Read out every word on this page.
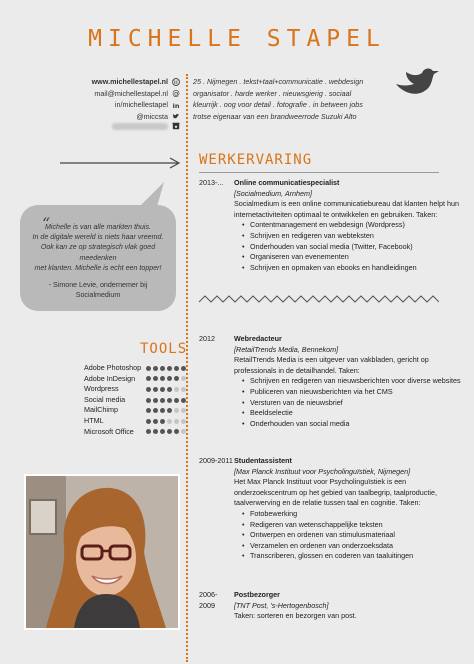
MICHELLE STAPEL
www.michellestapel.nl W
mail@michellestapel.nl @
in/michellestapel in
@miccsta
25 . Nijmegen . tekst+taal+communicatie . webdesign
organisator . harde werker . nieuwsgierig . sociaal
kleurrijk . oog voor detail . fotografie . in between jobs
trotse eigenaar van een brandweerrode Suzuki Alto
WERKERVARING
2013-...	Online communicatiespecialist
[Socialmedium, Arnhem]
Socialmedium is een online communicatiebureau dat klanten helpt hun internetactiviteiten optimaal te ontwikkelen en gebruiken. Taken:
• Contentmanagement en webdesign (Wordpress)
• Schrijven en redigeren van webteksten
• Onderhouden van social media (Twitter, Facebook)
• Organiseren van evenementen
• Schrijven en opmaken van ebooks en handleidingen
2012	Webredacteur
[RetailTrends Media, Bennekom]
RetailTrends Media is een uitgever van vakbladen, gericht op professionals in de detailhandel. Taken:
• Schrijven en redigeren van nieuwsberichten voor diverse websites
• Publiceren van nieuwsberichten via het CMS
• Versturen van de nieuwsbrief
• Beeldselectie
• Onderhouden van social media
2009-2011 Studentassistent
[Max Planck Instituut voor Psycholinguïstiek, Nijmegen]
Het Max Planck Instituut voor Psycholinguïstiek is een onderzoekscentrum op het gebied van taalbegrip, taalproductie, taalverwerving en de relatie tussen taal en cognitie. Taken:
• Fotobewerking
• Redigeren van wetenschappelijke teksten
• Ontwerpen en ordenen van stimulusmateriaal
• Verzamelen en ordenen van onderzoeksdata
• Transcriberen, glossen en coderen van taaluitingen
2006-2009
Postbezorger
[TNT Post, 's-Hertogenbosch]
Taken: sorteren en bezorgen van post.
“
Michelle is van alle markten thuis.
In de digitale wereld is niets haar vreemd.
Ook kan ze op strategisch vlak goed meedenken
met klanten. Michelle is echt een topper!
- Simone Levie, ondernemer bij
Socialmedium
TOOLS
Adobe Photoshop
Adobe InDesign
Wordpress
Social media
MailChimp
HTML
Microsoft Office
